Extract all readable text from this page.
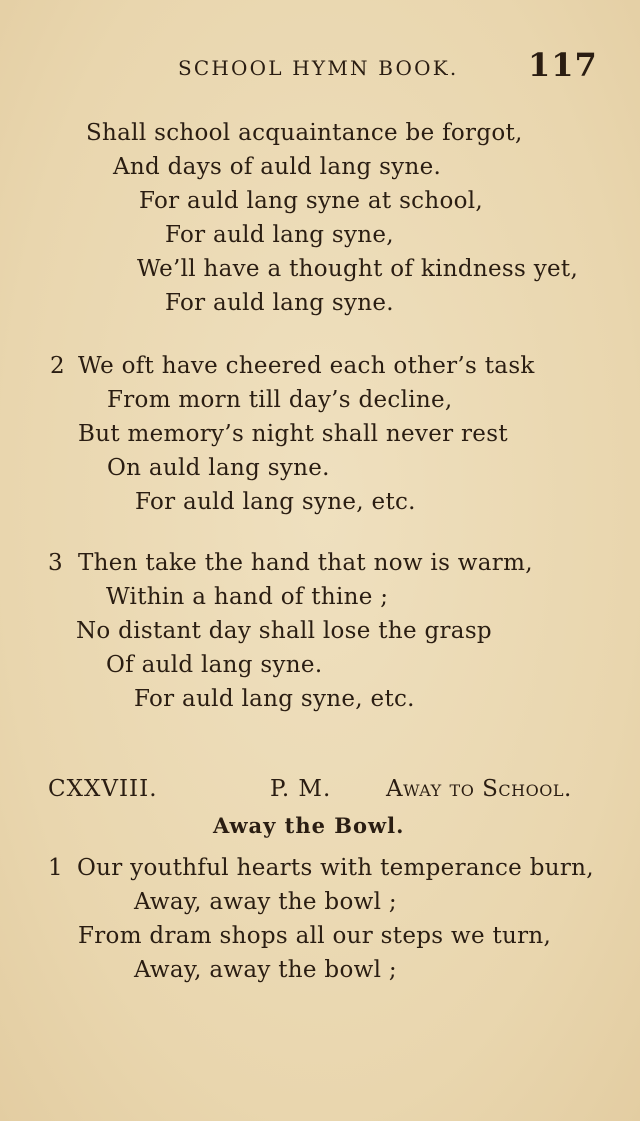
SCHOOL HYMN BOOK. 117
Shall school acquaintance be forgot,
And days of auld lang syne.
For auld lang syne at school,
For auld lang syne,
We’ll have a thought of kindness yet,
For auld lang syne.
2 We oft have cheered each other’s task
From morn till day’s decline,
But memory’s night shall never rest
On auld lang syne.
For auld lang syne, etc.
3 Then take the hand that now is warm,
Within a hand of thine ;
No distant day shall lose the grasp
Of auld lang syne.
For auld lang syne, etc.
CXXVIII.	P. M. Away to School.
Away the Bowl.
1 Our youthful hearts with temperance burn,
Away, away the bowl ;
From dram shops all our steps we turn,
Away, away the bowl ;
